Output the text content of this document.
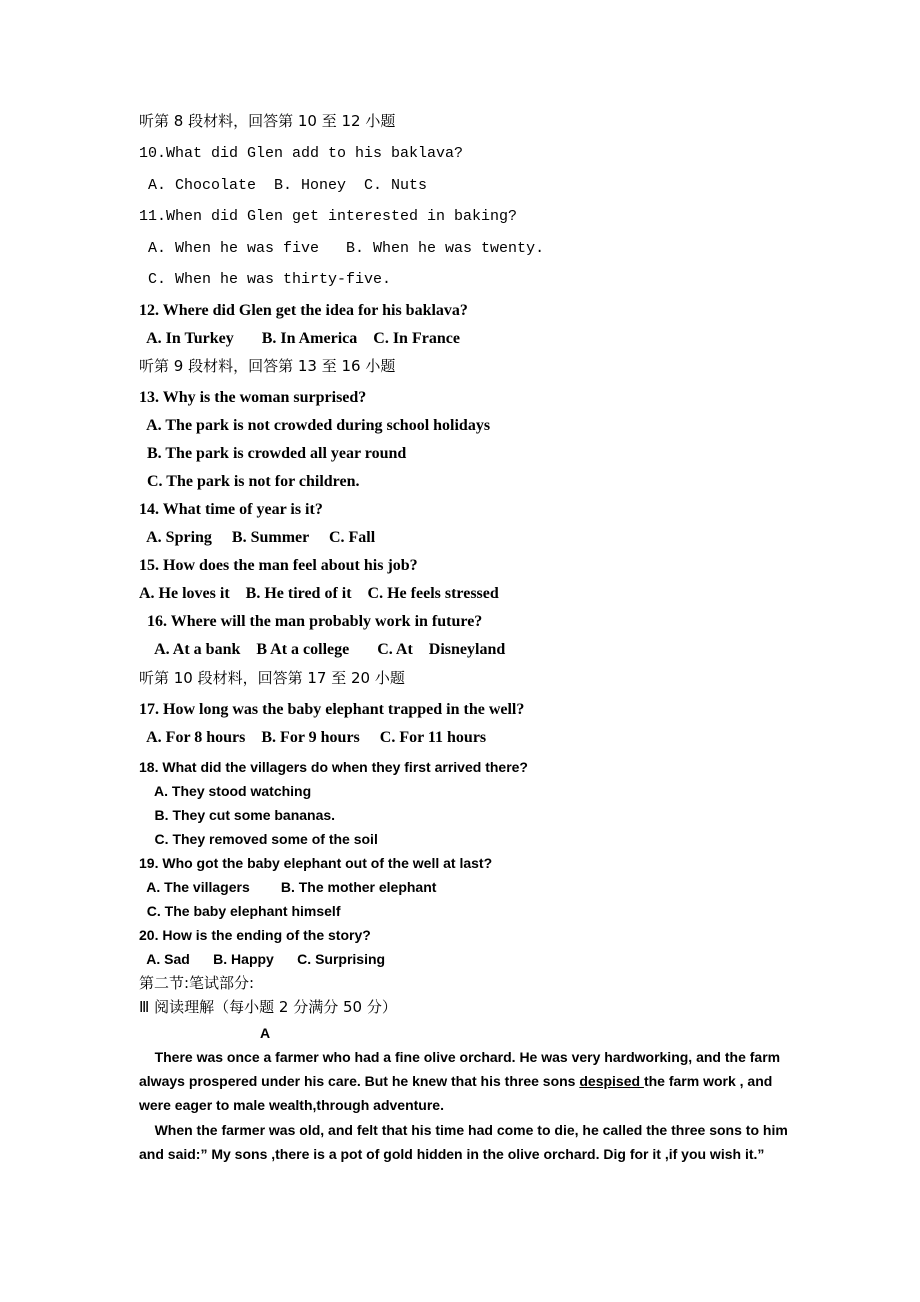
听第 8 段材料，回答第 10 至 12 小题
10.What did Glen add to his baklava?
A. Chocolate  B. Honey  C. Nuts
11.When did Glen get interested in baking?
A. When he was five   B. When he was twenty.
C. When he was thirty-five.
12. Where did Glen get the idea for his baklava?
A. In Turkey       B. In America    C. In France
听第 9 段材料，回答第 13 至 16 小题
13. Why is the woman surprised?
A. The park is not crowded during school holidays
B. The park is crowded all year round
C. The park is not for children.
14. What time of year is it?
A. Spring     B. Summer     C. Fall
15. How does the man feel about his job?
A. He loves it    B. He tired of it    C. He feels stressed
16. Where will the man probably work in future?
A. At a bank    B At a college       C. At    Disneyland
听第 10 段材料，回答第 17 至 20 小题
17. How long was the baby elephant trapped in the well?
A. For 8 hours    B. For 9 hours     C. For 11 hours
18. What did the villagers do when they first arrived there?
A. They stood watching
B. They cut some bananas.
C. They removed some of the soil
19. Who got the baby elephant out of the well at last?
A. The villagers        B. The mother elephant
C. The baby elephant himself
20. How is the ending of the story?
A. Sad      B. Happy      C. Surprising
第二节:笔试部分:
Ⅲ 阅读理解（每小题 2 分满分 50 分）
A
There was once a farmer who had a fine olive orchard. He was very hardworking, and the farm always prospered under his care. But he knew that his three sons despised the farm work , and were eager to male wealth,through adventure.
When the farmer was old, and felt that his time had come to die, he called the three sons to him and said:” My sons ,there is a pot of gold hidden in the olive orchard. Dig for it ,if you wish it.”
